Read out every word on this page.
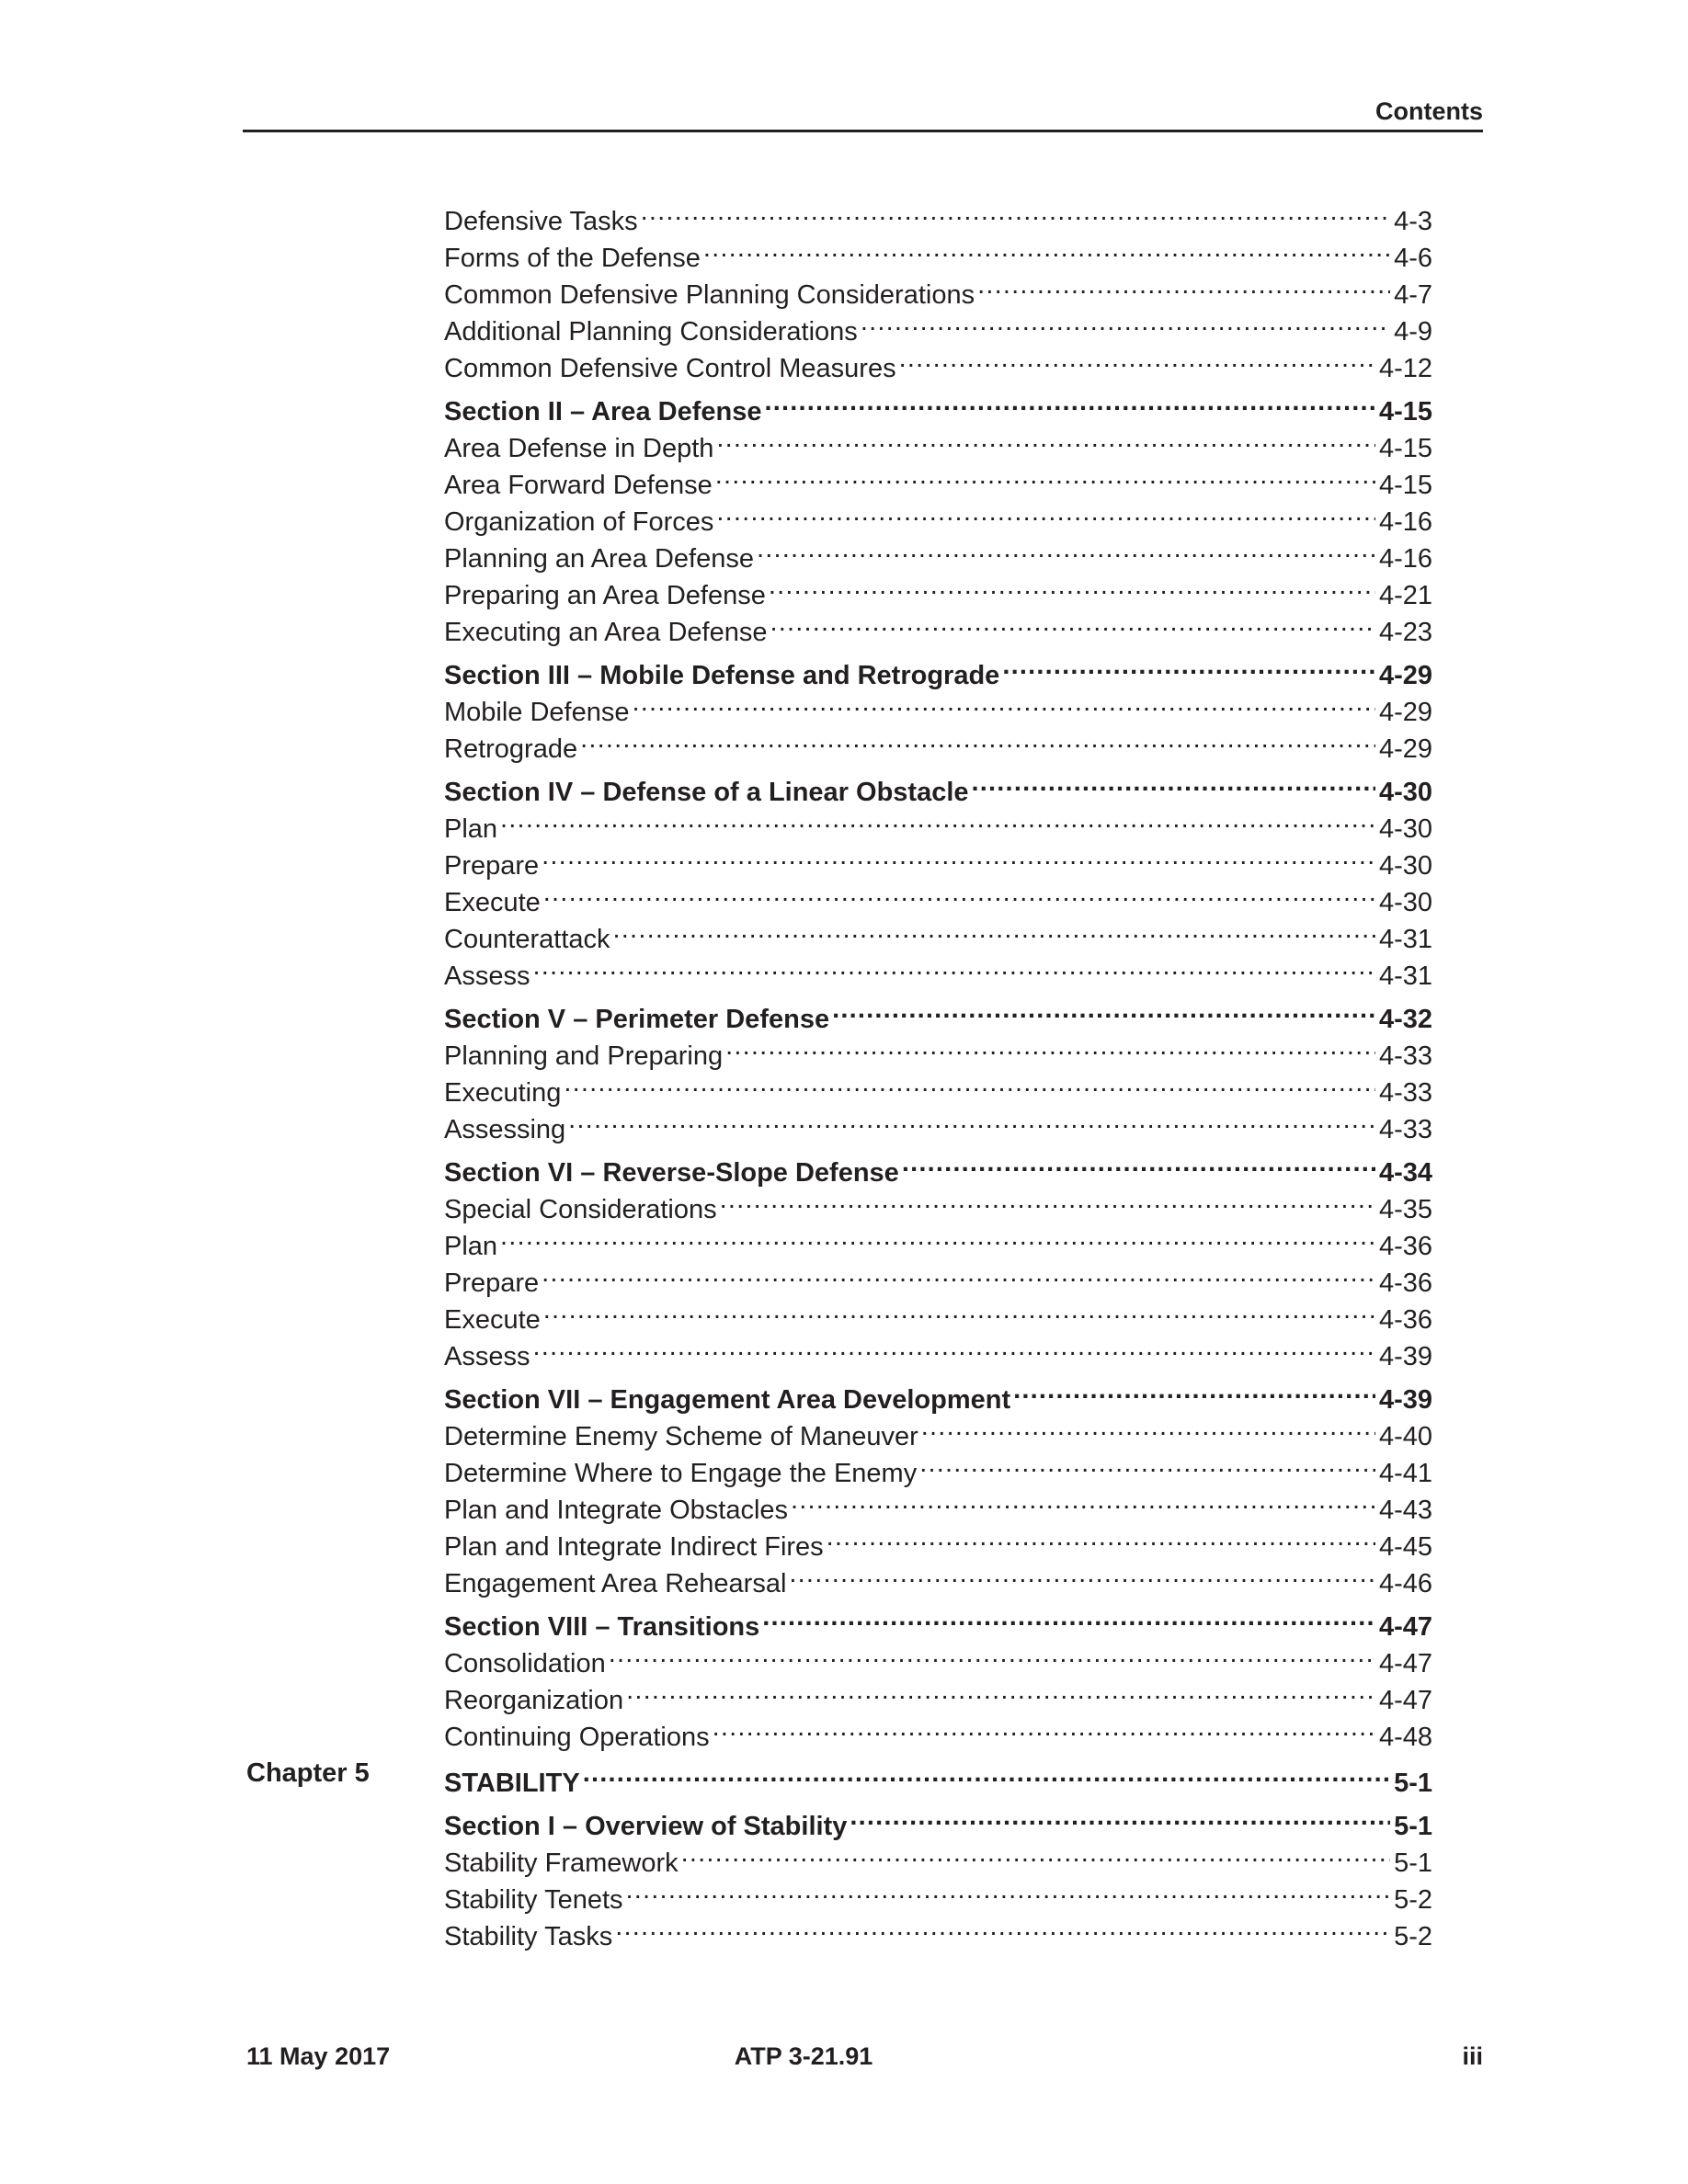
Contents
Defensive Tasks .....	4-3
Forms of the Defense .....	4-6
Common Defensive Planning Considerations .....	4-7
Additional Planning Considerations .....	4-9
Common Defensive Control Measures .....	4-12
Section II – Area Defense .....	4-15
Area Defense in Depth .....	4-15
Area Forward Defense .....	4-15
Organization of Forces .....	4-16
Planning an Area Defense .....	4-16
Preparing an Area Defense .....	4-21
Executing an Area Defense .....	4-23
Section III – Mobile Defense and Retrograde .....	4-29
Mobile Defense .....	4-29
Retrograde .....	4-29
Section IV – Defense of a Linear Obstacle .....	4-30
Plan .....	4-30
Prepare .....	4-30
Execute .....	4-30
Counterattack .....	4-31
Assess .....	4-31
Section V – Perimeter Defense .....	4-32
Planning and Preparing .....	4-33
Executing .....	4-33
Assessing .....	4-33
Section VI – Reverse-Slope Defense .....	4-34
Special Considerations .....	4-35
Plan .....	4-36
Prepare .....	4-36
Execute .....	4-36
Assess .....	4-39
Section VII – Engagement Area Development .....	4-39
Determine Enemy Scheme of Maneuver .....	4-40
Determine Where to Engage the Enemy .....	4-41
Plan and Integrate Obstacles .....	4-43
Plan and Integrate Indirect Fires .....	4-45
Engagement Area Rehearsal .....	4-46
Section VIII – Transitions .....	4-47
Consolidation .....	4-47
Reorganization .....	4-47
Continuing Operations .....	4-48
STABILITY .....	5-1
Section I – Overview of Stability .....	5-1
Stability Framework .....	5-1
Stability Tenets .....	5-2
Stability Tasks .....	5-2
Chapter 5
11 May 2017	ATP 3-21.91	iii
